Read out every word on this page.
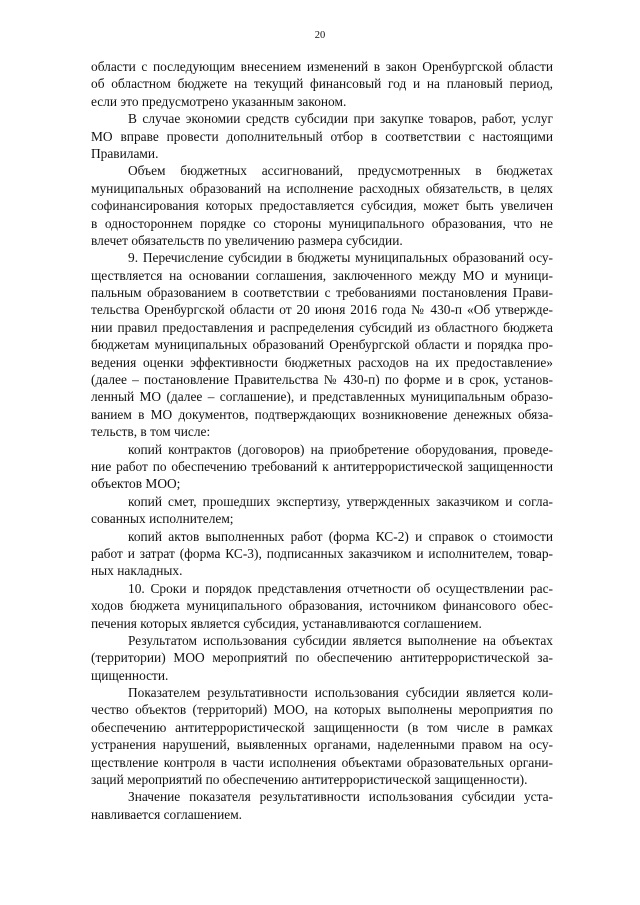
20
области с последующим внесением изменений в закон Оренбургской области
об областном бюджете на текущий финансовый год и на плановый период,
если это предусмотрено указанным законом.
В случае экономии средств субсидии при закупке товаров, работ, услуг
МО вправе провести дополнительный отбор в соответствии с настоящими
Правилами.
Объем бюджетных ассигнований, предусмотренных в бюджетах
муниципальных образований на исполнение расходных обязательств, в целях
софинансирования которых предоставляется субсидия, может быть увеличен
в одностороннем порядке со стороны муниципального образования, что не
влечет обязательств по увеличению размера субсидии.
9. Перечисление субсидии в бюджеты муниципальных образований осу-
ществляется на основании соглашения, заключенного между МО и муници-
пальным образованием в соответствии с требованиями постановления Прави-
тельства Оренбургской области от 20 июня 2016 года № 430-п «Об утвержде-
нии правил предоставления и распределения субсидий из областного бюджета
бюджетам муниципальных образований Оренбургской области и порядка про-
ведения оценки эффективности бюджетных расходов на их предоставление»
(далее – постановление Правительства № 430-п) по форме и в срок, установ-
ленный МО (далее – соглашение), и представленных муниципальным образо-
ванием в МО документов, подтверждающих возникновение денежных обяза-
тельств, в том числе:
копий контрактов (договоров) на приобретение оборудования, проведе-
ние работ по обеспечению требований к антитеррористической защищенности
объектов МОО;
копий смет, прошедших экспертизу, утвержденных заказчиком и согла-
сованных исполнителем;
копий актов выполненных работ (форма КС-2) и справок о стоимости
работ и затрат (форма КС-3), подписанных заказчиком и исполнителем, товар-
ных накладных.
10. Сроки и порядок представления отчетности об осуществлении рас-
ходов бюджета муниципального образования, источником финансового обес-
печения которых является субсидия, устанавливаются соглашением.
Результатом использования субсидии является выполнение на объектах
(территории) МОО мероприятий по обеспечению антитеррористической за-
щищенности.
Показателем результативности использования субсидии является коли-
чество объектов (территорий) МОО, на которых выполнены мероприятия по
обеспечению антитеррористической защищенности (в том числе в рамках
устранения нарушений, выявленных органами, наделенными правом на осу-
ществление контроля в части исполнения объектами образовательных органи-
заций мероприятий по обеспечению антитеррористической защищенности).
Значение показателя результативности использования субсидии уста-
навливается соглашением.
